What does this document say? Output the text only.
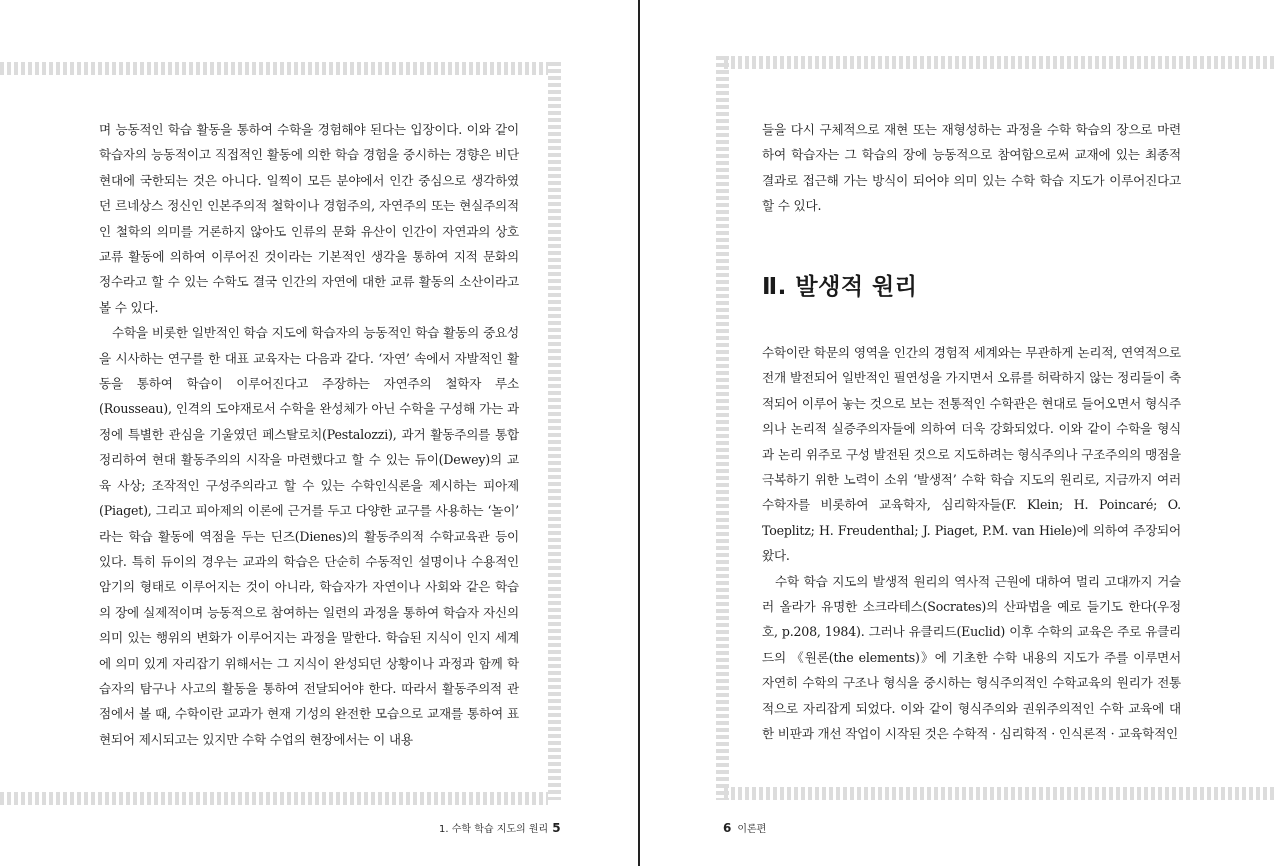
며 능동적인 학습 활동을 통하여 수학을 경험해야 된다는 입장이다. 이와 같이 학습자의 능동적이고 직접적인 활동에 의한 학습 경험을 중시하는 경향은 비단 현대에 국한되는 것은 아니다. 일찍이 모든 분야에서 인간 중심으로 생각하였던 르네상스 정신인 인본주의적 철학이나 경험주의, 자연주의 또는 현실주의적인 철학의 의미를 거론하지 않아도 인류의 문화 유산이 인간이 자연과의 상호 교류 활동에 의하여 이루어진 것이라는 기본적인 생각을 통하여 지적 문화의 정수라고 할 수 있는 수학도 결국 인간의 자연에 대한 교류 활동의 소산이라고 볼 수 있다.

수학을 비롯한 일반적인 학습 지도에 학습자의 능동적인 학습 활동의 중요성을 시사하는 연구를 한 대표 교육자는 다음과 같다. ‘자연’ 속에서 자발적인 활동을 통하여 학습이 이루어진다고 주장하는 자연주의 철학자 루소(Rousseau), 인격의 도야재로서 수학을 완성체가 아닌 수학을 구성해 가는 과정에 특별한 관심을 기울였던 페스탈로치(Pestalozzi), 과거 활동주의를 통합 정리하여 현대 활동주의의 시작을 마련했다고 할 수 있는 듀이(Dewey)의 교육 사상; 조작적인 구성주의라고 할 수 있는 수학인식론을 제시하는 피아제(Piaget), 그리고 피아제의 이론에 근거를 두고 다양한 교구를 사용하는 ‘놀이’ 라는 학습 활동에 역점을 두는 딘즈(Dienes)의 활동주의적 수학교육관 등이 있다. 특히 듀이의 경우는 교과의 학습은 단순히 수동적인 설명이나 수용적인 암기의 형태로 이루어지는 것이 아니라, 학습자가 자연이나 사회와 같은 학습의 장에 실제적이며 능동적으로 참여하는 일련의 과정을 통하여 학습자 자신의 의미 있는 행위의 변화가 이루어지는 과정을 말한다. 학습된 지식이 인지 세계에 의미 있게 자리잡기 위해서는 그 지식이 완성되던 상황이나 과정과 함께 학습자의 탐구나 사고의 활동을 통하여 전달되어야 한다. 따라서 활동주의적 관점에서 볼 때, 수학이란 교과가 현재 기성의 완전한 모습으로 교재를 통하여 표현되어 제시되고는 있지만 수학 수업의 현장에서는 이 내용

1. 수학 학습 지도의 원리 5

들을 다시 구체적으로 재현 또는 재형성하는 과정을 수학 학습의 장으로 마련하여 학습자는 그 학습의 장에 능동적으로 참여함으로써 교재에 있는 최종적 결과로 접근해 가는 방식이 되어야 의미 있는 수학 학습 지도가 이루어진다고 할 수 있다.

Ⅱ. 발생적 원리

수학이란 학문의 영역을 인간의 경험적 세계와는 무관하게 논리적, 연역적으로 전개 발전되어 일반적인 필연성을 가지면서 오류를 허락하지 않는 정리들이 축적되어 이루어 놓는 것으로 보는 전통적인 수학관은 현대로 들어오면서 형식주의나 논리적 실증주의자들에 의하여 더욱 강화되었다. 이와 같이 수학을 형식과 논리 위주로 구성 발전된 것으로 지도하려는 형식주의나 구조주의의 맹점을 극복하기 위한 노력이 소위 ‘발생적’ 수학 학습 지도의 원리로, 지금까지 여러 수학자를 비롯하여 교육학자, 심리학자들(F. Klein; H. Poincaré; O. Toeplitz; H. Freudenthal; J. Piaget, P.M. van Hiele)에 의하여 주장되어 왔다.

수학 학습 지도의 발생적 원리의 역사적 근원에 대하여 멀리 고대까지 거슬러 올라가 유명한 소크라테스(Socrates)의 산파법을 예로 들기도 한다(우정호, p.208, 1984). 그러나 유클리드(Euclid) 이후 수학의 교육은 주로 유클리드의 《원론(the elements)》에 기초한 수학 내용의 지도가 주를 이루면서 자연히 수학의 구조나 형식을 중시하는 형식주의적인 수학교육의 원리가 전통적으로 자리잡게 되었다. 이와 같이 형식주의와 권위주의적인 수학 교육에 대한 비판과 개선 작업이 시작된 것은 수학적 · 심리학적 · 인식론적 · 교육학적인

6 이론편
